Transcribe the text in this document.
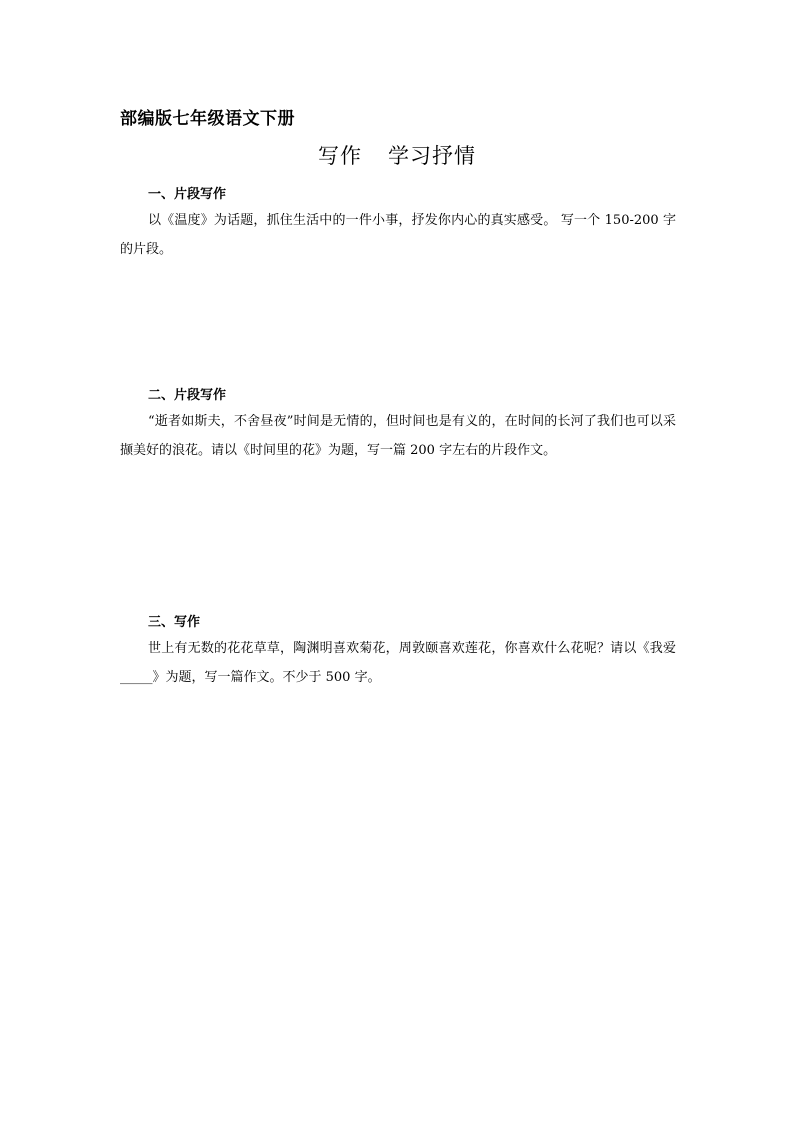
部编版七年级语文下册
写作 学习抒情
一、片段写作

以《温度》为话题，抓住生活中的一件小事，抒发你内心的真实感受。 写一个 150-200 字的片段。

二、片段写作

“逝者如斯夫，不舍昼夜”时间是无情的，但时间也是有义的，在时间的长河了我们也可以采撷美好的浪花。请以《时间里的花》为题，写一篇 200 字左右的片段作文。

三、写作

世上有无数的花花草草，陶渊明喜欢菊花，周敦颐喜欢莲花，你喜欢什么花呢？请以《我爱_____》为题，写一篇作文。不少于 500 字。
